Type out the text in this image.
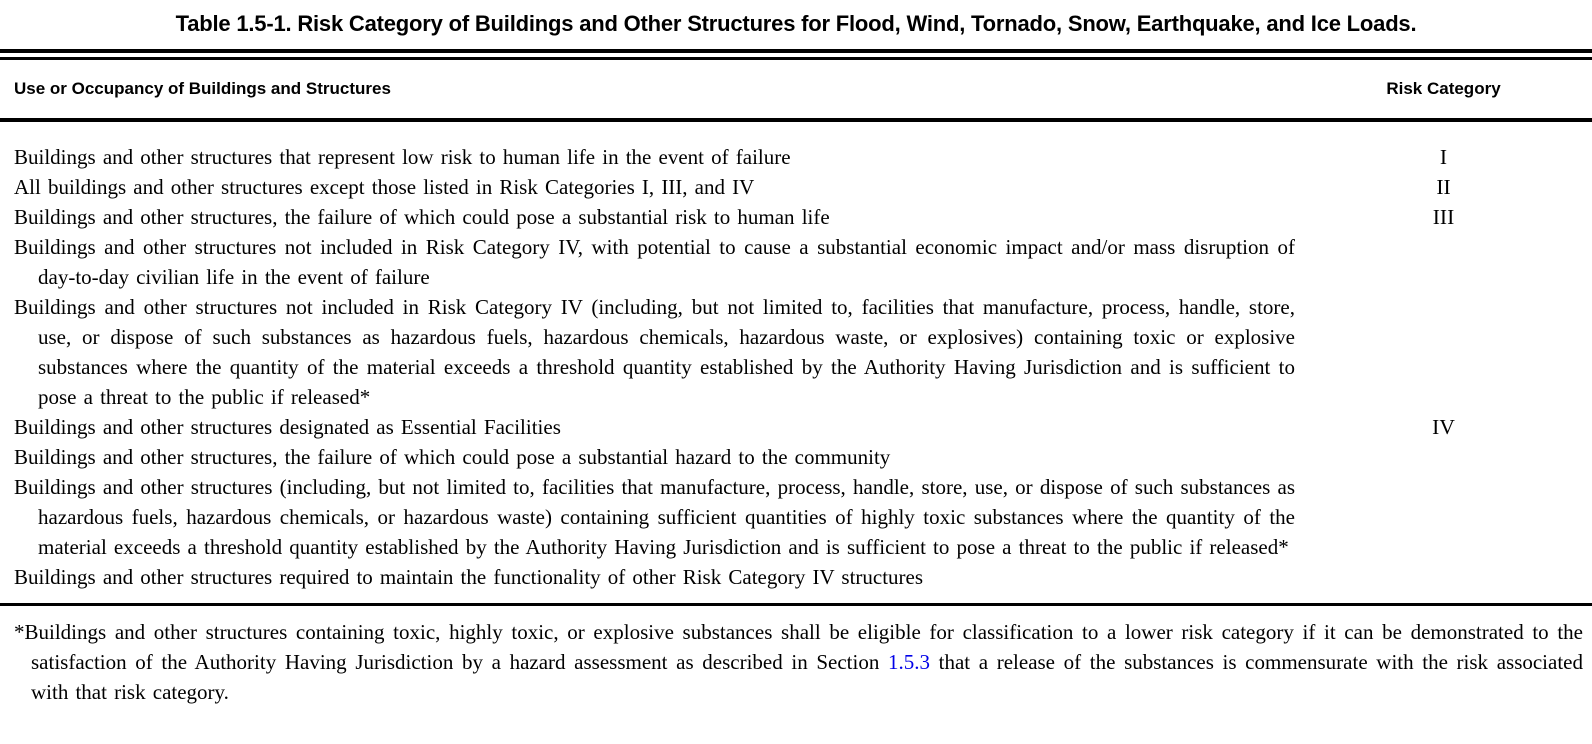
Table 1.5-1. Risk Category of Buildings and Other Structures for Flood, Wind, Tornado, Snow, Earthquake, and Ice Loads.
Use or Occupancy of Buildings and Structures	Risk Category
Buildings and other structures that represent low risk to human life in the event of failure	I
All buildings and other structures except those listed in Risk Categories I, III, and IV	II
Buildings and other structures, the failure of which could pose a substantial risk to human life	III
Buildings and other structures not included in Risk Category IV, with potential to cause a substantial economic impact and/or mass disruption of day-to-day civilian life in the event of failure
Buildings and other structures not included in Risk Category IV (including, but not limited to, facilities that manufacture, process, handle, store, use, or dispose of such substances as hazardous fuels, hazardous chemicals, hazardous waste, or explosives) containing toxic or explosive substances where the quantity of the material exceeds a threshold quantity established by the Authority Having Jurisdiction and is sufficient to pose a threat to the public if released*
Buildings and other structures designated as Essential Facilities	IV
Buildings and other structures, the failure of which could pose a substantial hazard to the community
Buildings and other structures (including, but not limited to, facilities that manufacture, process, handle, store, use, or dispose of such substances as hazardous fuels, hazardous chemicals, or hazardous waste) containing sufficient quantities of highly toxic substances where the quantity of the material exceeds a threshold quantity established by the Authority Having Jurisdiction and is sufficient to pose a threat to the public if released*
Buildings and other structures required to maintain the functionality of other Risk Category IV structures
*Buildings and other structures containing toxic, highly toxic, or explosive substances shall be eligible for classification to a lower risk category if it can be demonstrated to the satisfaction of the Authority Having Jurisdiction by a hazard assessment as described in Section 1.5.3 that a release of the substances is commensurate with the risk associated with that risk category.
